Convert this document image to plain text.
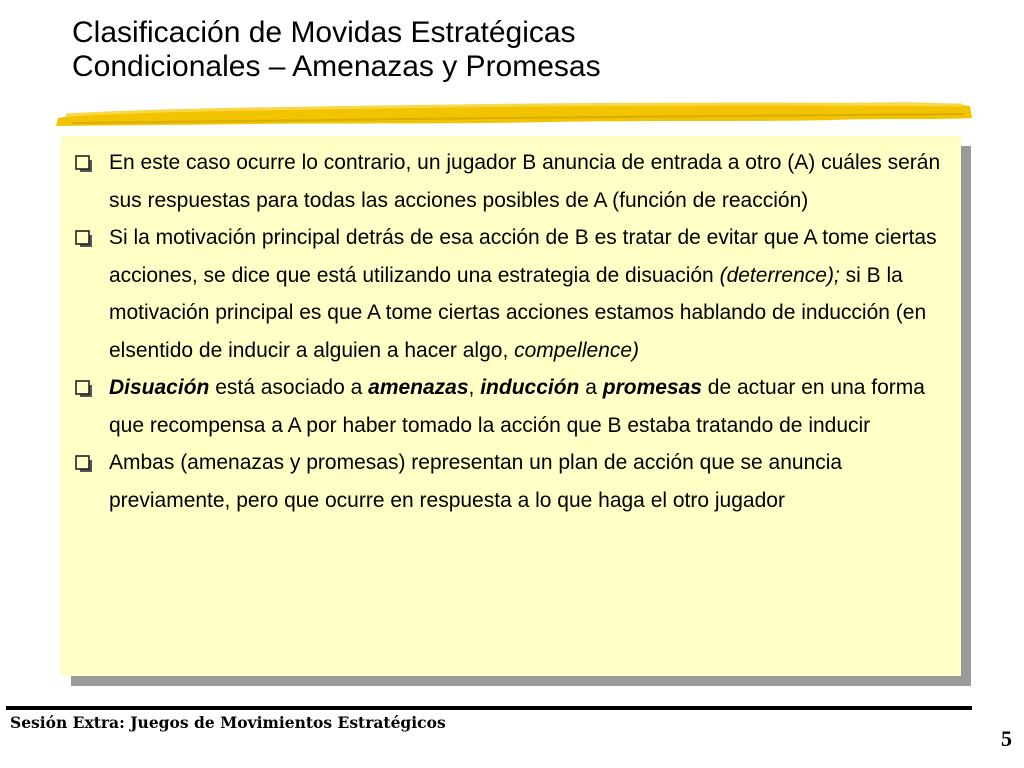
Clasificación de Movidas Estratégicas
Condicionales – Amenazas y Promesas

En este caso ocurre lo contrario, un jugador B anuncia de entrada a otro (A) cuáles serán sus respuestas para todas las acciones posibles de A (función de reacción)

Si la motivación principal detrás de esa acción de B es tratar de evitar que A tome ciertas acciones, se dice que está utilizando una estrategia de disuación (deterrence); si B la motivación principal es que A tome ciertas acciones estamos hablando de inducción (en elsentido de inducir a alguien a hacer algo, compellence)

Disuación está asociado a amenazas, inducción a promesas de actuar en una forma que recompensa a A por haber tomado la acción que B estaba tratando de inducir

Ambas (amenazas y promesas) representan un plan de acción que se anuncia previamente, pero que ocurre en respuesta a lo que haga el otro jugador

Sesión Extra: Juegos de Movimientos Estratégicos
5
